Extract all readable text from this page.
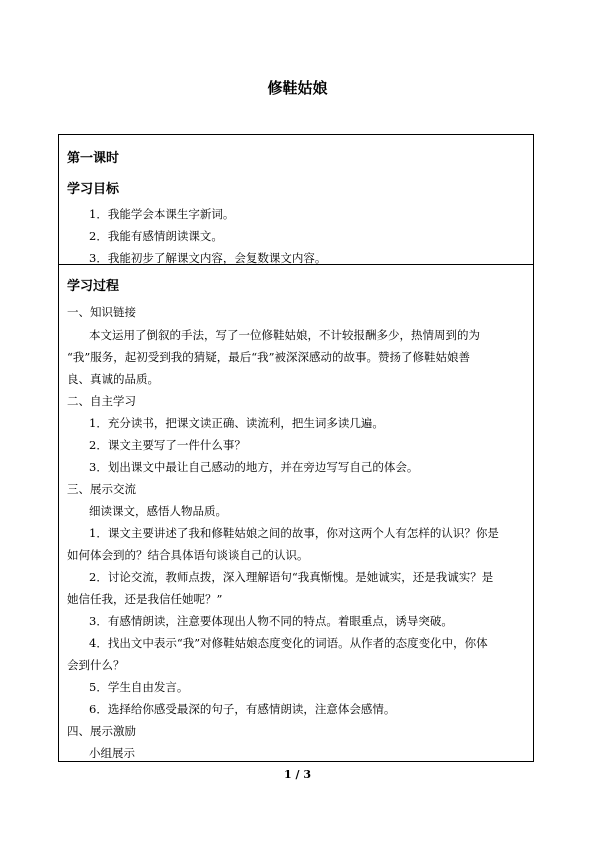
修鞋姑娘
第一课时
学习目标
1．我能学会本课生字新词。
2．我能有感情朗读课文。
3．我能初步了解课文内容，会复数课文内容。
学习过程
一、知识链接
本文运用了倒叙的手法，写了一位修鞋姑娘，不计较报酬多少，热情周到的为
“我”服务，起初受到我的猜疑，最后“我”被深深感动的故事。赞扬了修鞋姑娘善
良、真诚的品质。
二、自主学习
1．充分读书，把课文读正确、读流利，把生词多读几遍。
2．课文主要写了一件什么事？
3．划出课文中最让自己感动的地方，并在旁边写写自己的体会。
三、展示交流
细读课文，感悟人物品质。
1．课文主要讲述了我和修鞋姑娘之间的故事，你对这两个人有怎样的认识？你是
如何体会到的？结合具体语句谈谈自己的认识。
2．讨论交流，教师点拨，深入理解语句“我真惭愧。是她诚实，还是我诚实？是
她信任我，还是我信任她呢？”
3．有感情朗读，注意要体现出人物不同的特点。着眼重点，诱导突破。
4．找出文中表示“我”对修鞋姑娘态度变化的词语。从作者的态度变化中，你体
会到什么？
5．学生自由发言。
6．选择给你感受最深的句子，有感情朗读，注意体会感情。
四、展示激励
小组展示
1 / 3
